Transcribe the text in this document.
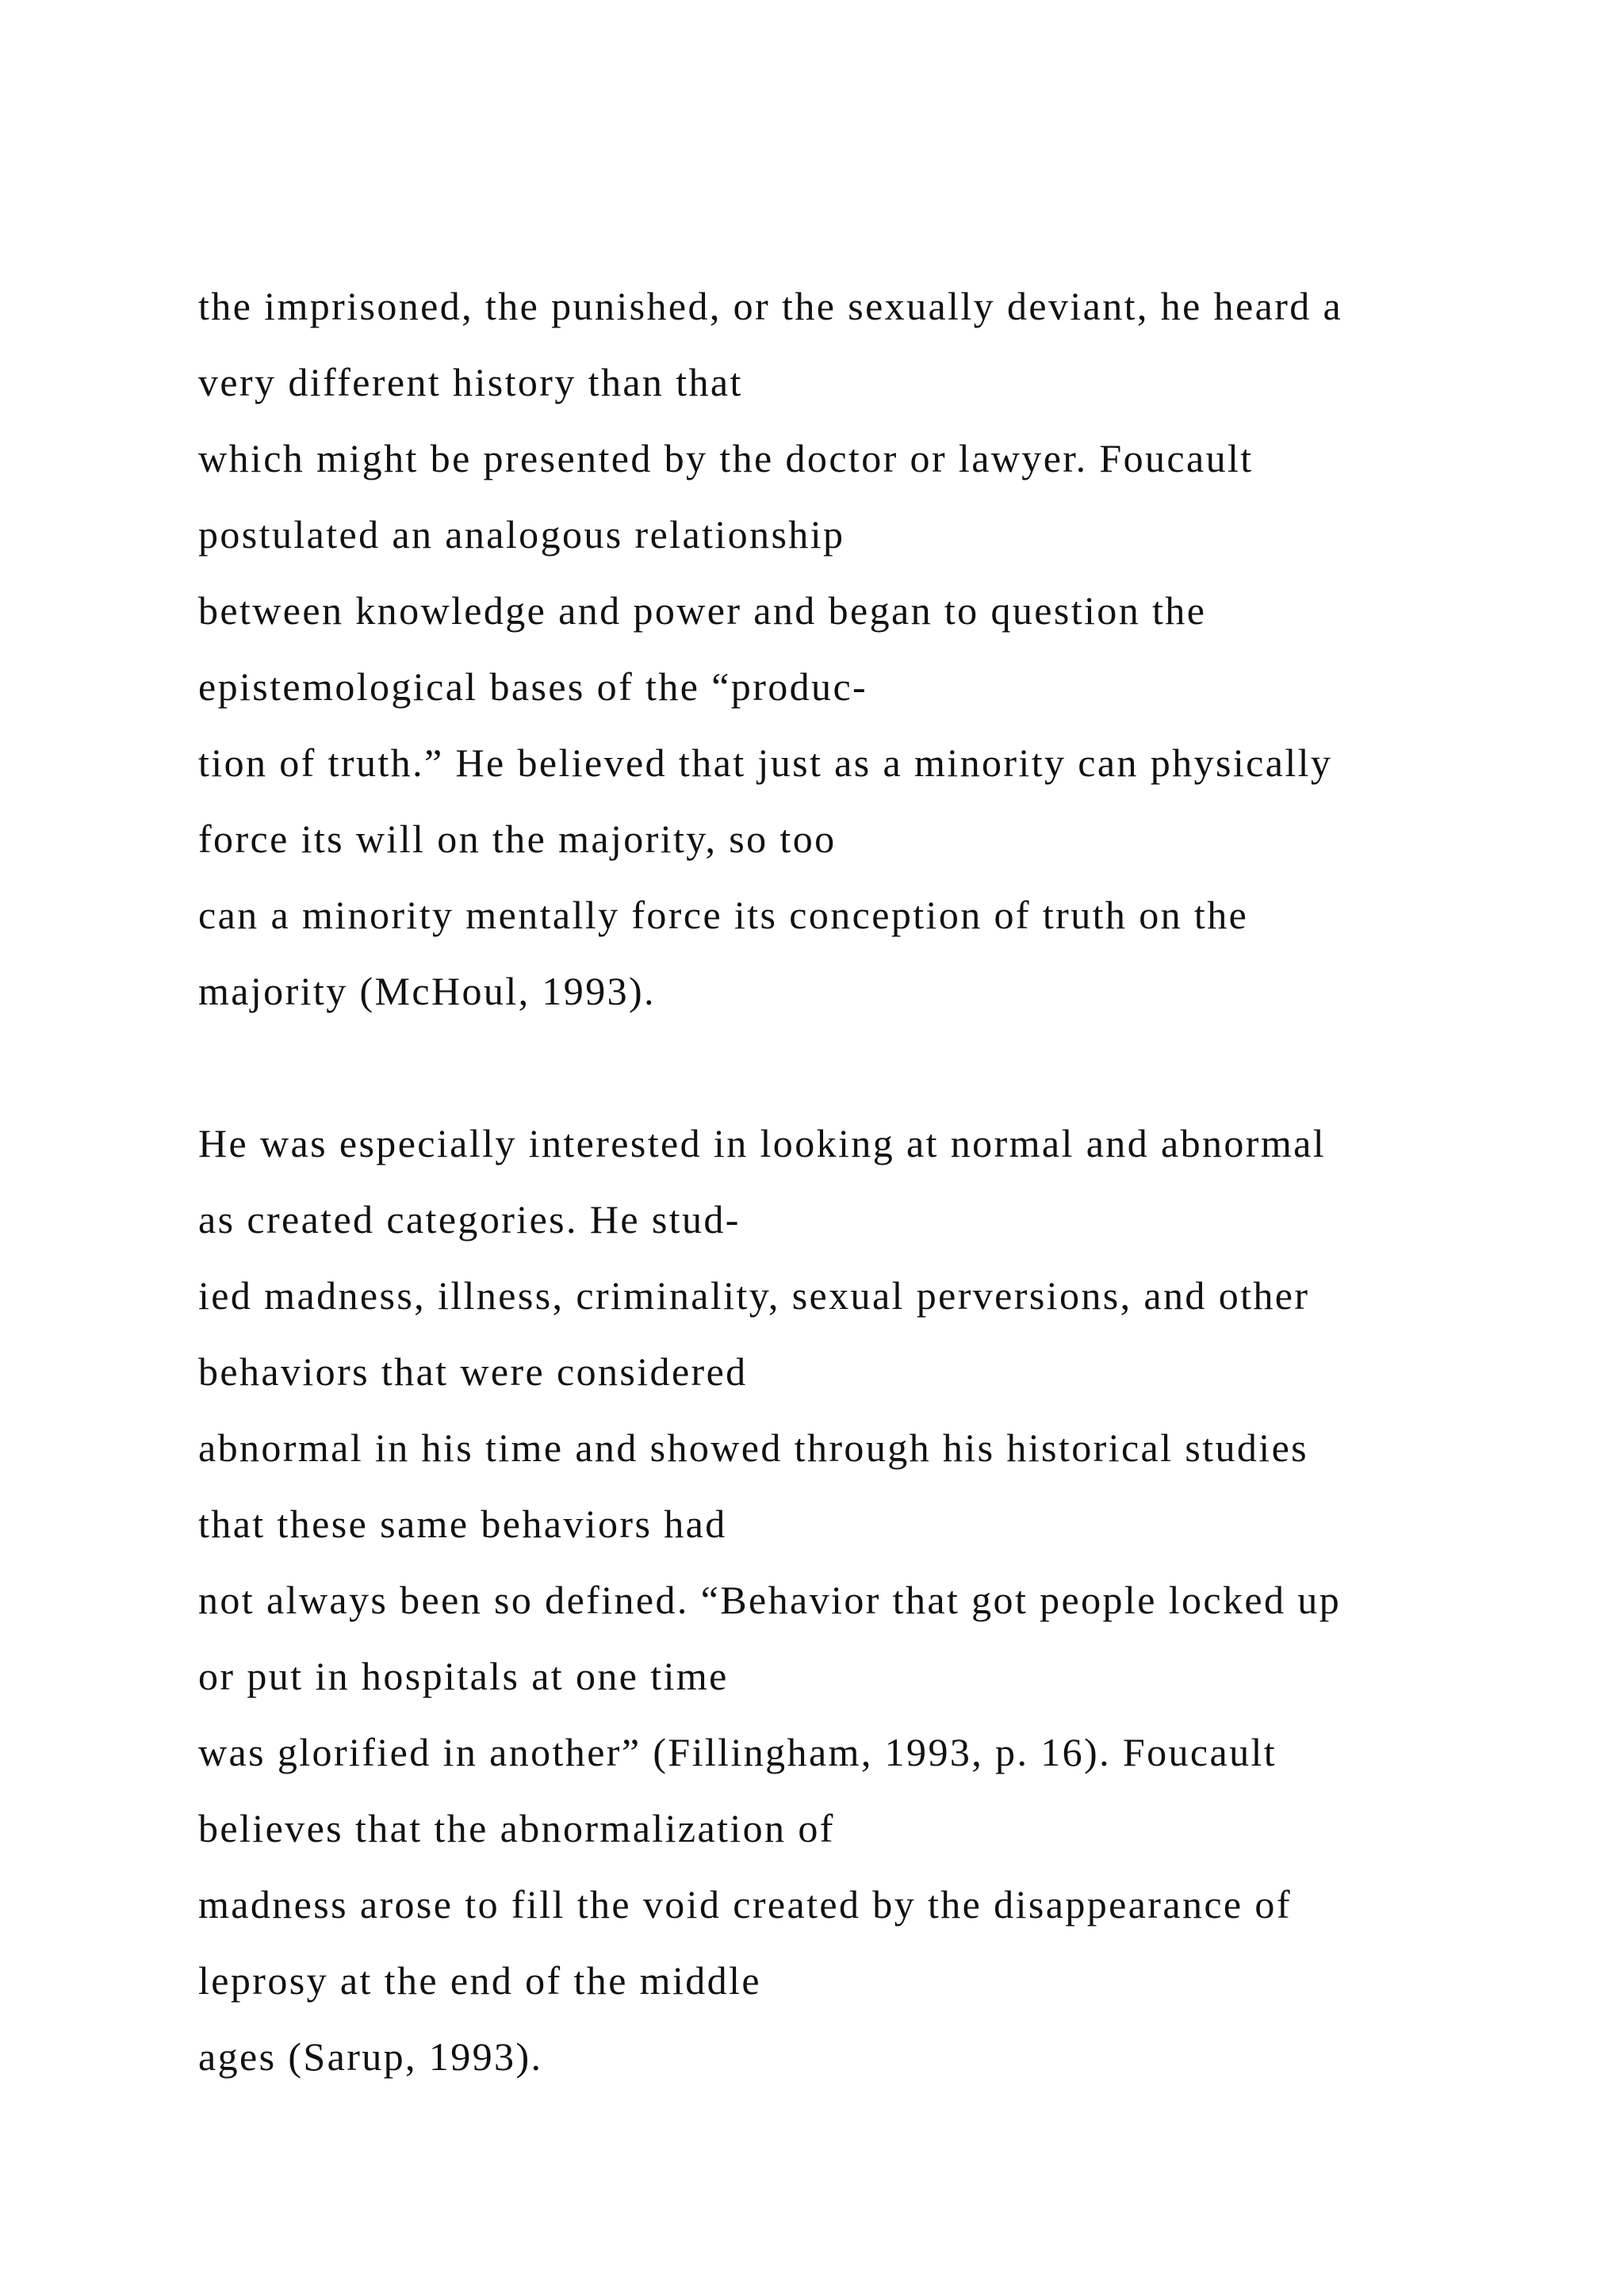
the imprisoned, the punished, or the sexually deviant, he heard a
very different history than that
which might be presented by the doctor or lawyer. Foucault
postulated an analogous relationship
between knowledge and power and began to question the
epistemological bases of the “produc-
tion of truth.” He believed that just as a minority can physically
force its will on the majority, so too
can a minority mentally force its conception of truth on the
majority (McHoul, 1993).
He was especially interested in looking at normal and abnormal
as created categories. He stud-
ied madness, illness, criminality, sexual perversions, and other
behaviors that were considered
abnormal in his time and showed through his historical studies
that these same behaviors had
not always been so defined. “Behavior that got people locked up
or put in hospitals at one time
was glorified in another” (Fillingham, 1993, p. 16). Foucault
believes that the abnormalization of
madness arose to fill the void created by the disappearance of
leprosy at the end of the middle
ages (Sarup, 1993).
